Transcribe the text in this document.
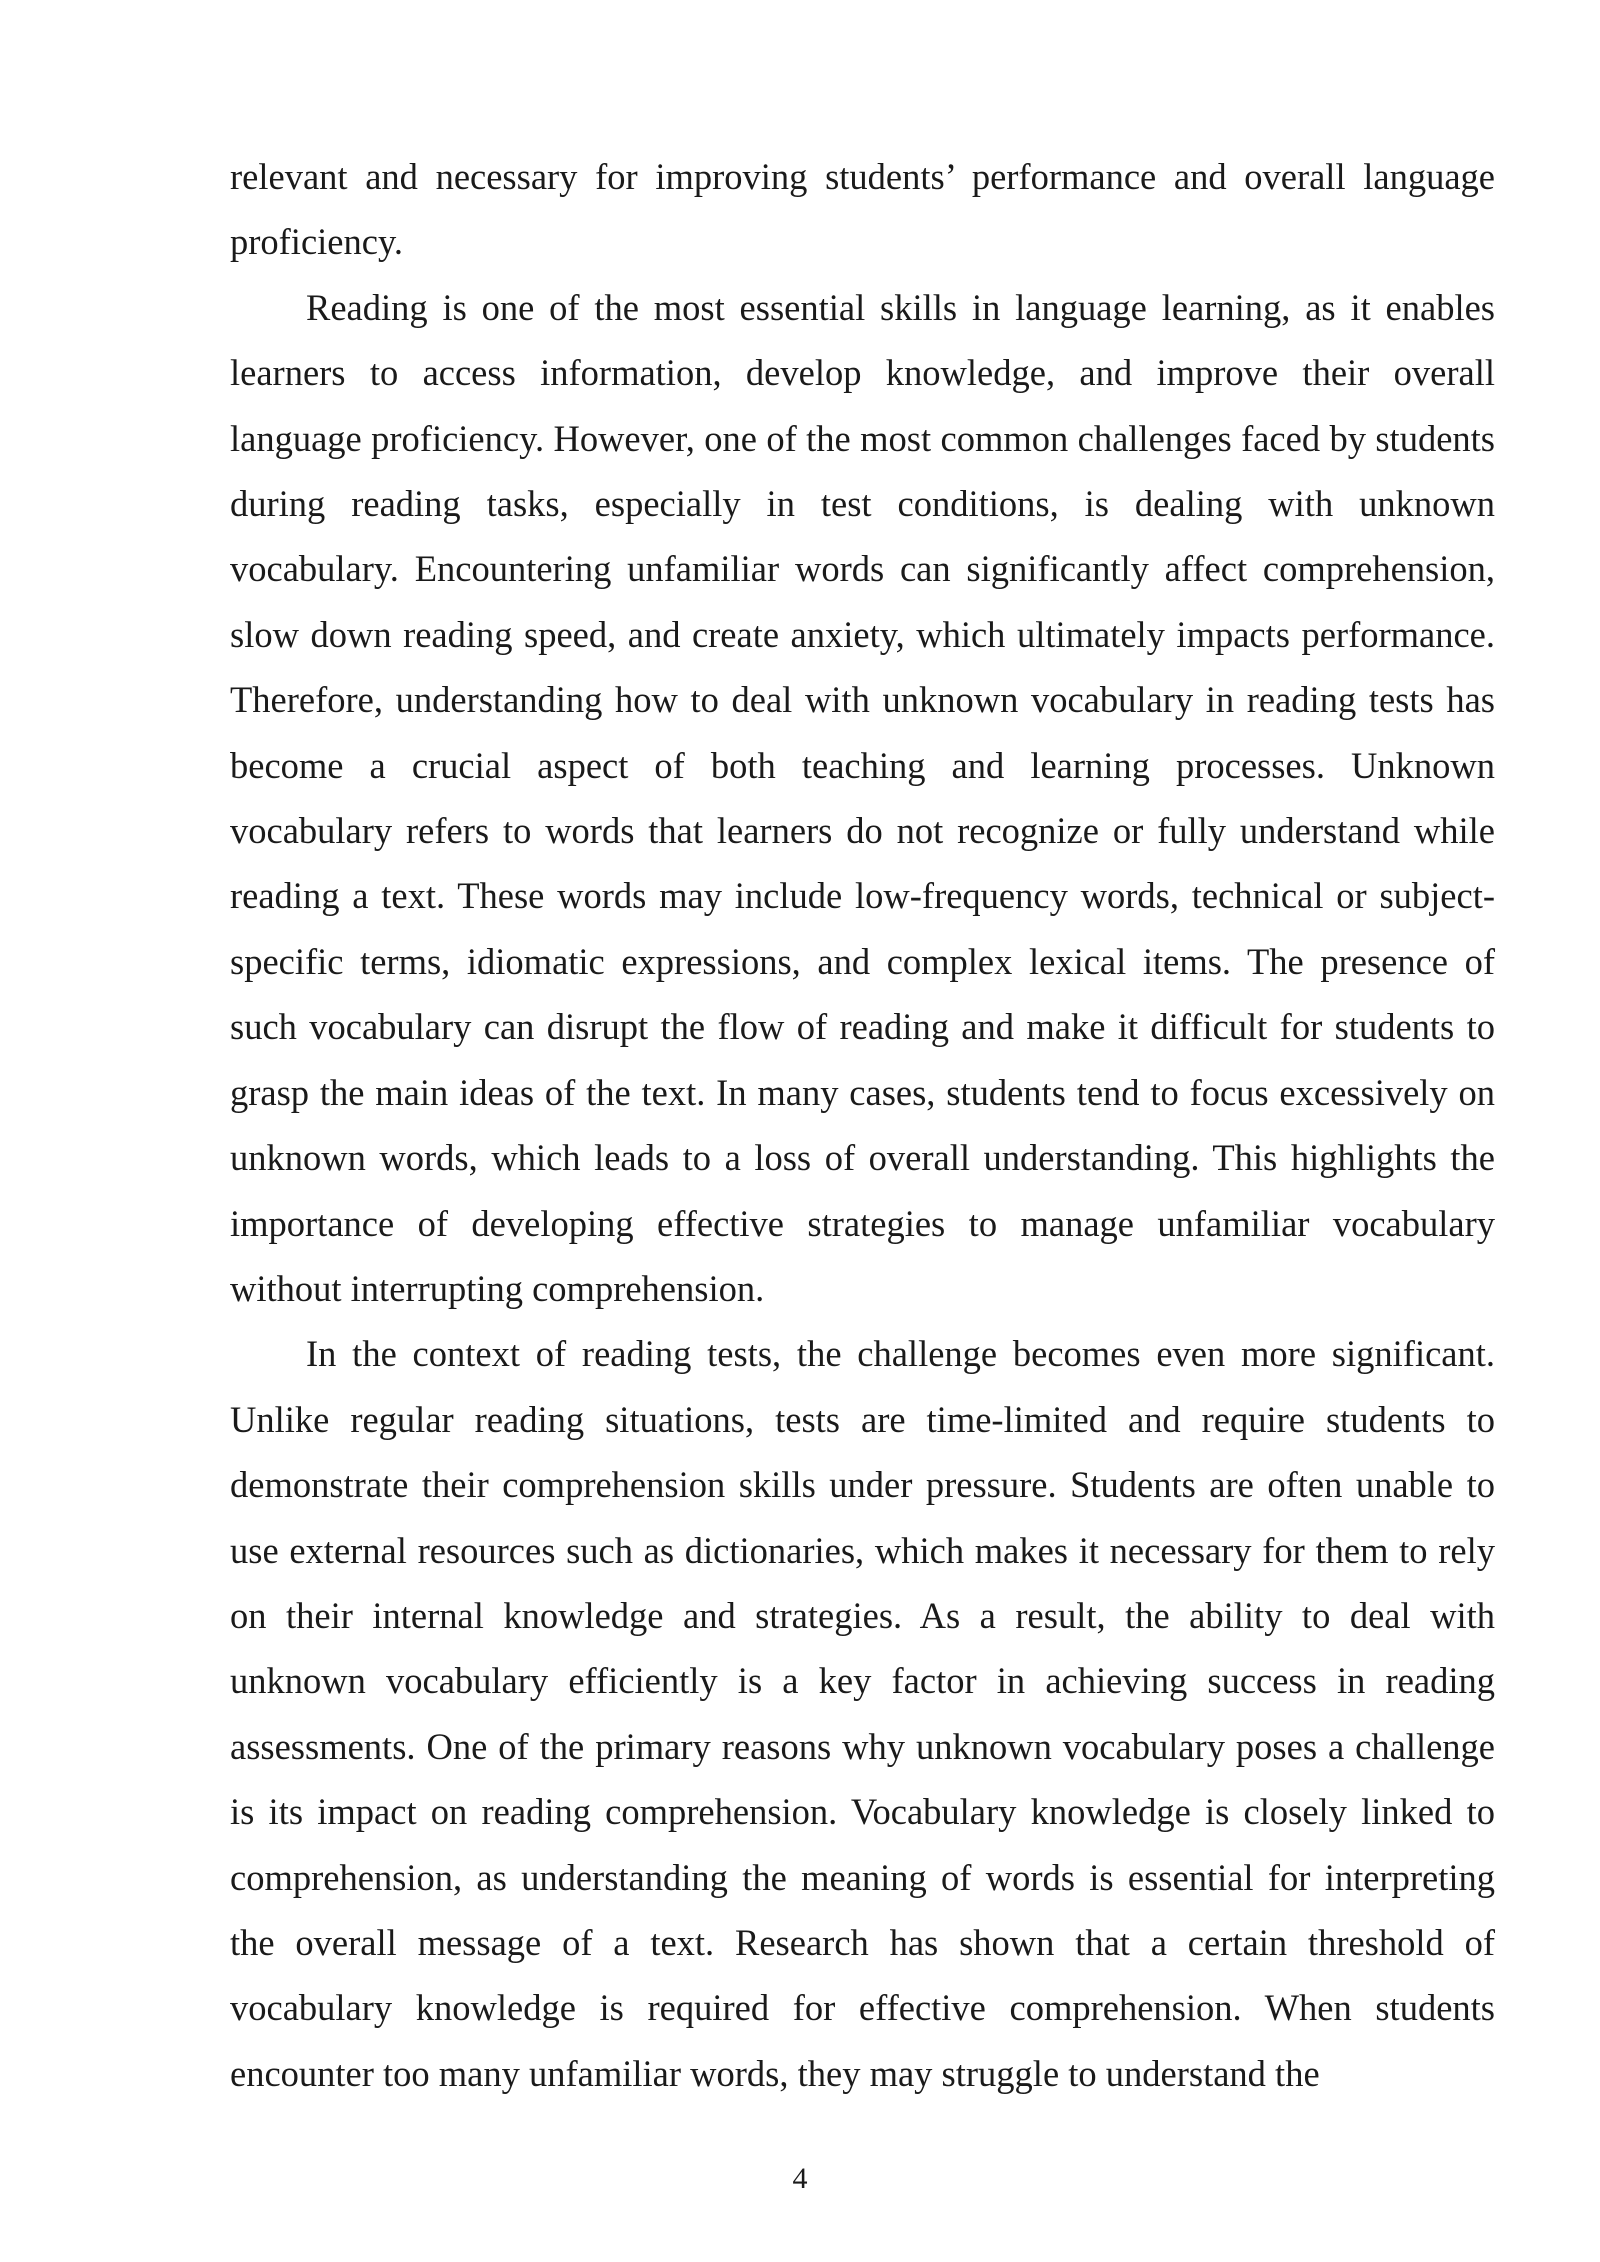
relevant and necessary for improving students’ performance and overall language proficiency.

Reading is one of the most essential skills in language learning, as it enables learners to access information, develop knowledge, and improve their overall language proficiency. However, one of the most common challenges faced by students during reading tasks, especially in test conditions, is dealing with unknown vocabulary. Encountering unfamiliar words can significantly affect comprehension, slow down reading speed, and create anxiety, which ultimately impacts performance. Therefore, understanding how to deal with unknown vocabulary in reading tests has become a crucial aspect of both teaching and learning processes. Unknown vocabulary refers to words that learners do not recognize or fully understand while reading a text. These words may include low-frequency words, technical or subject-specific terms, idiomatic expressions, and complex lexical items. The presence of such vocabulary can disrupt the flow of reading and make it difficult for students to grasp the main ideas of the text. In many cases, students tend to focus excessively on unknown words, which leads to a loss of overall understanding. This highlights the importance of developing effective strategies to manage unfamiliar vocabulary without interrupting comprehension.

In the context of reading tests, the challenge becomes even more significant. Unlike regular reading situations, tests are time-limited and require students to demonstrate their comprehension skills under pressure. Students are often unable to use external resources such as dictionaries, which makes it necessary for them to rely on their internal knowledge and strategies. As a result, the ability to deal with unknown vocabulary efficiently is a key factor in achieving success in reading assessments. One of the primary reasons why unknown vocabulary poses a challenge is its impact on reading comprehension. Vocabulary knowledge is closely linked to comprehension, as understanding the meaning of words is essential for interpreting the overall message of a text. Research has shown that a certain threshold of vocabulary knowledge is required for effective comprehension. When students encounter too many unfamiliar words, they may struggle to understand the

4
